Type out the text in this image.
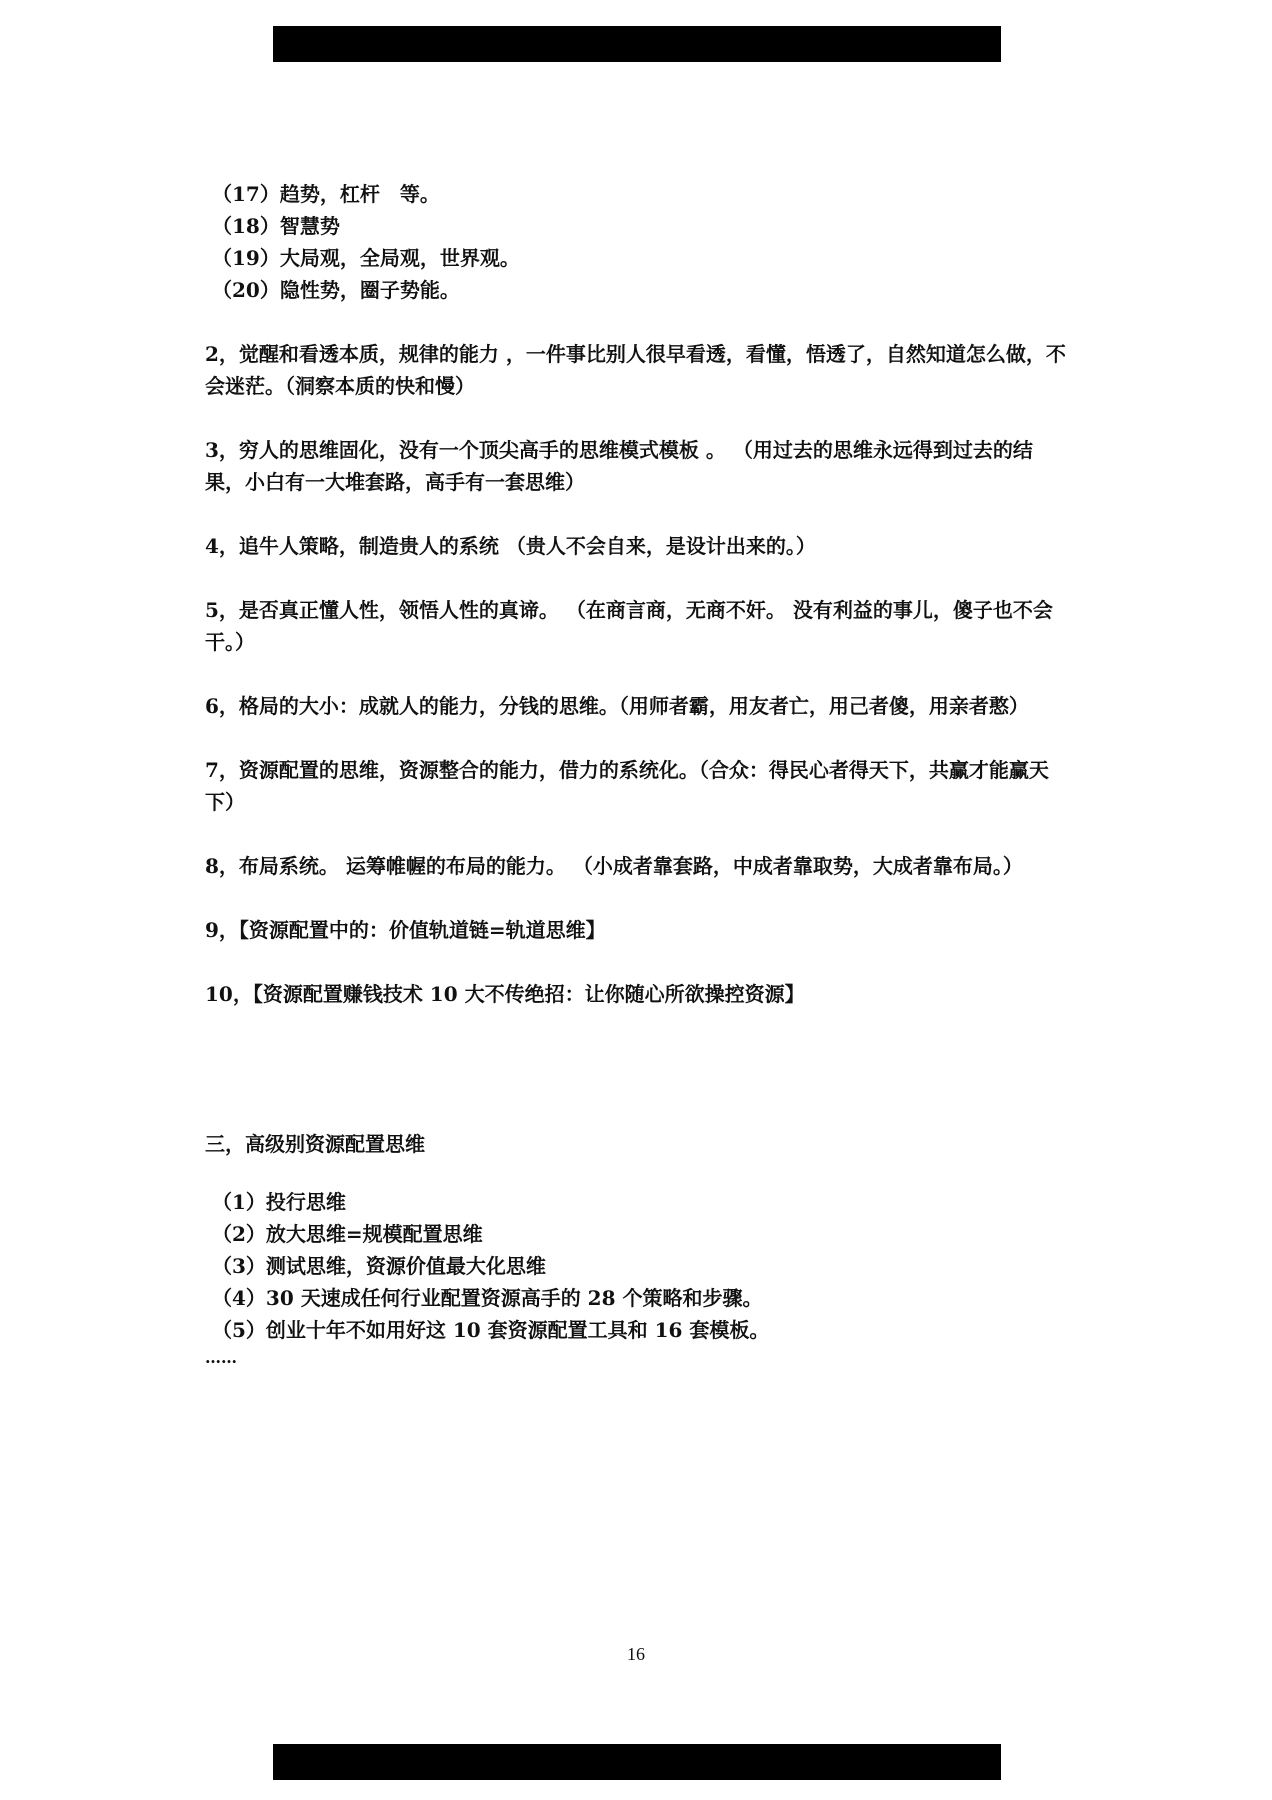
（17）趋势，杠杆　等。
（18）智慧势
（19）大局观，全局观，世界观。
（20）隐性势，圈子势能。
2，觉醒和看透本质，规律的能力 ，一件事比别人很早看透，看懂，悟透了，自然知道怎么做，不会迷茫。（洞察本质的快和慢）
3，穷人的思维固化，没有一个顶尖高手的思维模式模板 。 （用过去的思维永远得到过去的结果，小白有一大堆套路，高手有一套思维）
4，追牛人策略，制造贵人的系统 （贵人不会自来，是设计出来的。）
5，是否真正懂人性，领悟人性的真谛。 （在商言商，无商不奸。 没有利益的事儿，傻子也不会干。）
6，格局的大小：成就人的能力，分钱的思维。（用师者霸，用友者亡，用己者傻，用亲者憨）
7，资源配置的思维，资源整合的能力，借力的系统化。（合众：得民心者得天下，共赢才能赢天下）
8，布局系统。 运筹帷幄的布局的能力。 （小成者靠套路，中成者靠取势，大成者靠布局。）
9，【资源配置中的：价值轨道链=轨道思维】
10，【资源配置赚钱技术 10 大不传绝招：让你随心所欲操控资源】
三，高级别资源配置思维
（1）投行思维
（2）放大思维=规模配置思维
（3）测试思维，资源价值最大化思维
（4）30 天速成任何行业配置资源高手的 28 个策略和步骤。
（5）创业十年不如用好这 10 套资源配置工具和 16 套模板。
……
16
